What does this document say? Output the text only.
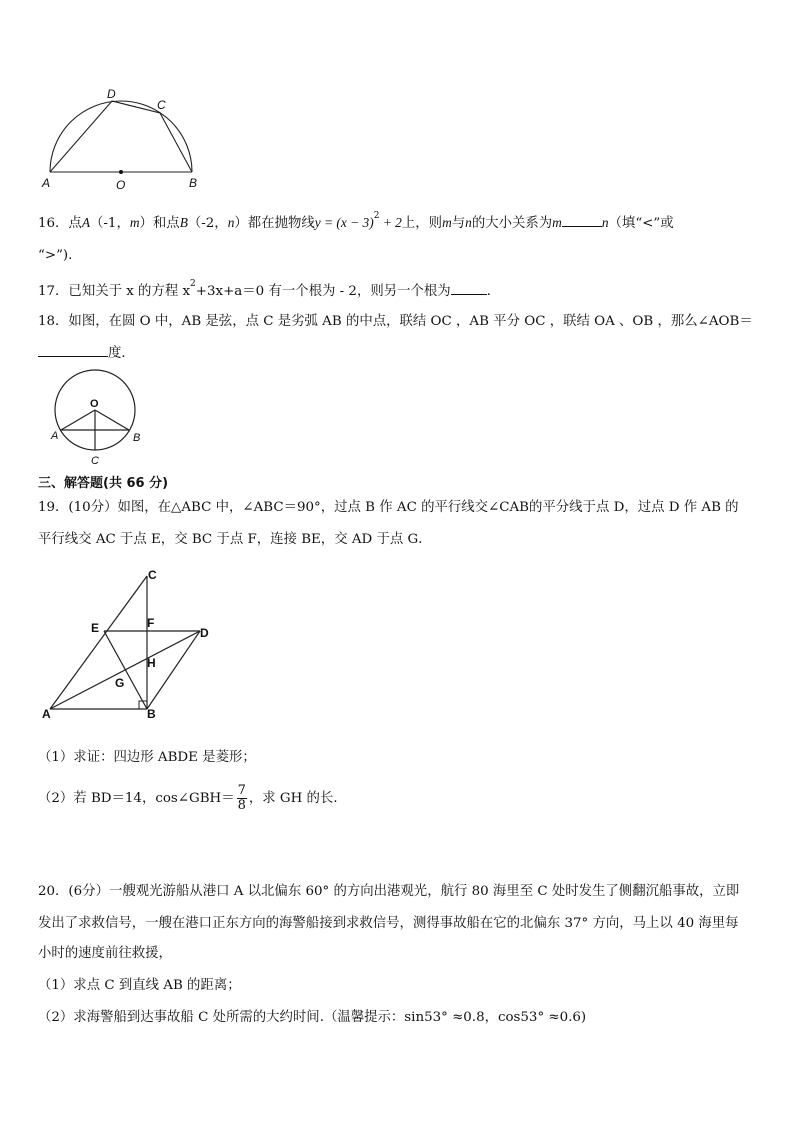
D
C
A	O	B
16．点A（-1，m）和点B（-2，n）都在抛物线$y = (x - 3)^2 + 2$上，则m与n的大小关系为m	n（填“<”或
“>”).
17．已知关于 x 的方程 $x^2+3x+a=0$ 有一个根为 - 2，则另一个根为	．
18．如图，在圆 O 中，AB 是弦，点 C 是劣弧 AB 的中点，联结 OC ，AB 平分 OC ，联结 OA 、OB ，那么∠AOB＝
度．
O
A	B
C
三、解答题(共 66 分)
19．(10分）如图，在△ABC 中，∠ABC＝90°，过点 B 作 AC 的平行线交∠CAB的平分线于点 D，过点 D 作 AB 的
平行线交 AC 于点 E，交 BC 于点 F，连接 BE，交 AD 于点 G．
C
E	F
D
H
G
A	B
（1）求证：四边形 ABDE 是菱形；
（2）若 BD＝14，cos∠GBH＝ $\frac{7}{8}$ ，求 GH 的长．
20．(6分）一艘观光游船从港口 A 以北偏东 60° 的方向出港观光，航行 80 海里至 C 处时发生了侧翻沉船事故，立即
发出了求救信号，一艘在港口正东方向的海警船接到求救信号，测得事故船在它的北偏东 37° 方向，马上以 40 海里每
小时的速度前往救援，
（1）求点 C 到直线 AB 的距离；
（2）求海警船到达事故船 C 处所需的大约时间.（温馨提示：sin53° ≈0.8，cos53° ≈0.6)
